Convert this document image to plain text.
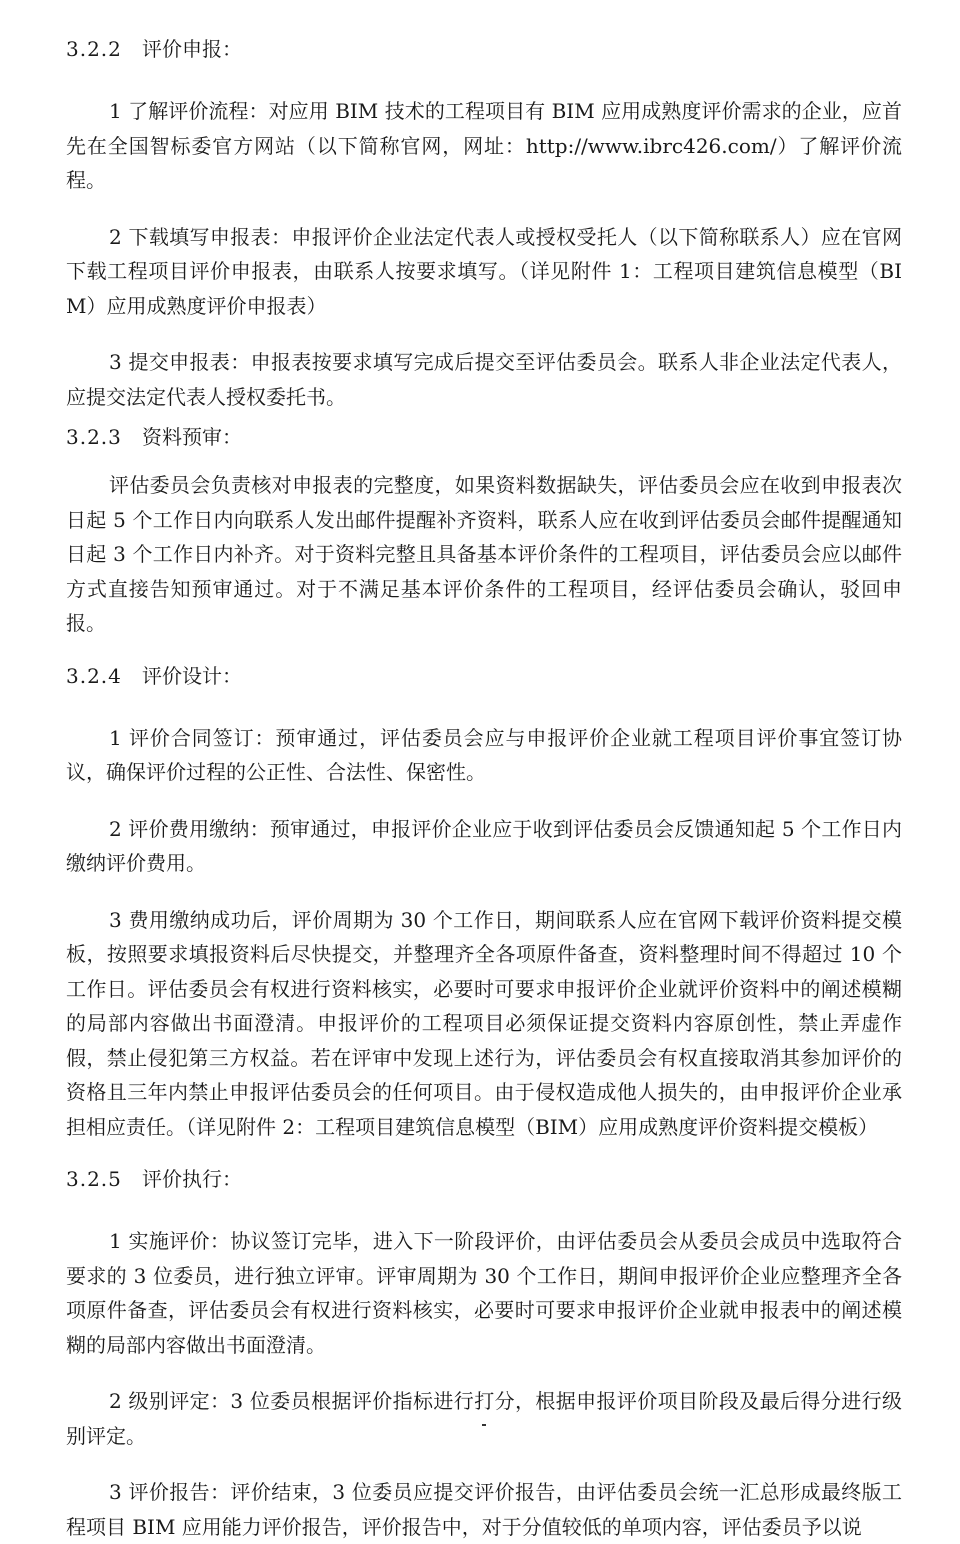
3.2.2 评价申报：

1 了解评价流程：对应用 BIM 技术的工程项目有 BIM 应用成熟度评价需求的企业，应首先在全国智标委官方网站（以下简称官网，网址：http://www.ibrc426.com/）了解评价流程。

2 下载填写申报表：申报评价企业法定代表人或授权受托人（以下简称联系人）应在官网下载工程项目评价申报表，由联系人按要求填写。（详见附件 1：工程项目建筑信息模型（BIM）应用成熟度评价申报表）

3 提交申报表：申报表按要求填写完成后提交至评估委员会。联系人非企业法定代表人，应提交法定代表人授权委托书。

3.2.3 资料预审：

评估委员会负责核对申报表的完整度，如果资料数据缺失，评估委员会应在收到申报表次日起 5 个工作日内向联系人发出邮件提醒补齐资料，联系人应在收到评估委员会邮件提醒通知日起 3 个工作日内补齐。对于资料完整且具备基本评价条件的工程项目，评估委员会应以邮件方式直接告知预审通过。对于不满足基本评价条件的工程项目，经评估委员会确认，驳回申报。

3.2.4 评价设计：

1 评价合同签订：预审通过，评估委员会应与申报评价企业就工程项目评价事宜签订协议，确保评价过程的公正性、合法性、保密性。

2 评价费用缴纳：预审通过，申报评价企业应于收到评估委员会反馈通知起 5 个工作日内缴纳评价费用。

3 费用缴纳成功后，评价周期为 30 个工作日，期间联系人应在官网下载评价资料提交模板，按照要求填报资料后尽快提交，并整理齐全各项原件备查，资料整理时间不得超过 10 个工作日。评估委员会有权进行资料核实，必要时可要求申报评价企业就评价资料中的阐述模糊的局部内容做出书面澄清。申报评价的工程项目必须保证提交资料内容原创性，禁止弄虚作假，禁止侵犯第三方权益。若在评审中发现上述行为，评估委员会有权直接取消其参加评价的资格且三年内禁止申报评估委员会的任何项目。由于侵权造成他人损失的，由申报评价企业承担相应责任。（详见附件 2：工程项目建筑信息模型（BIM）应用成熟度评价资料提交模板）

3.2.5 评价执行：

1 实施评价：协议签订完毕，进入下一阶段评价，由评估委员会从委员会成员中选取符合要求的 3 位委员，进行独立评审。评审周期为 30 个工作日，期间申报评价企业应整理齐全各项原件备查，评估委员会有权进行资料核实，必要时可要求申报评价企业就申报表中的阐述模糊的局部内容做出书面澄清。

2 级别评定：3 位委员根据评价指标进行打分，根据申报评价项目阶段及最后得分进行级别评定。

3 评价报告：评价结束，3 位委员应提交评价报告，由评估委员会统一汇总形成最终版工程项目 BIM 应用能力评价报告，评价报告中，对于分值较低的单项内容，评估委员予以说
